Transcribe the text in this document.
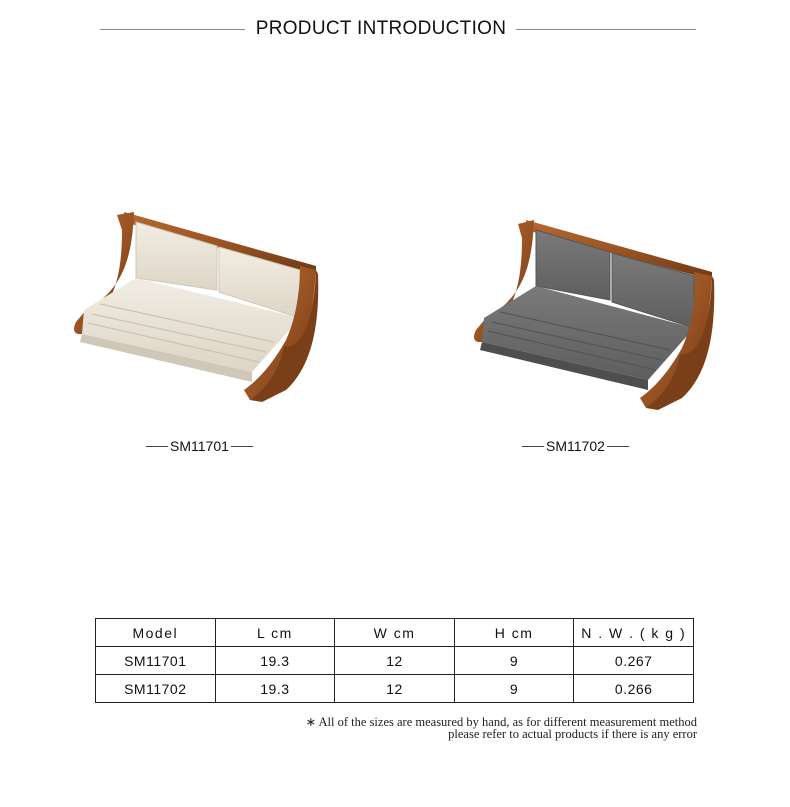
PRODUCT INTRODUCTION
SM11701	SM11702
Model	L cm	W cm	H cm	N . W . ( k g )
SM11701	19.3	12	9	0.267
SM11702	19.3	12	9	0.266
∗ All of the sizes are measured by hand, as for different measurement method
please refer to actual products if there is any error
